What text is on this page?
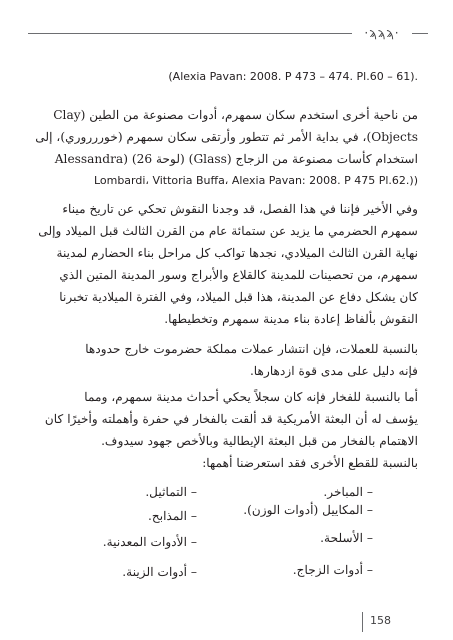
·ϡϡϡ·
(Alexia Pavan: 2008. P 473 – 474. Pl.60 – 61).
من ناحية أخرى استخدم سكان سمهرم، أدوات مصنوعة من الطين (Clay
Objects)، في بداية الأمر ثم تتطور وأرتقى سكان سمهرم (خوررروري)، إلى
استخدام كأسات مصنوعة من الزجاج (Glass) (لوحة 26) (Alessandra
Lombardi، Vittoria Buffa، Alexia Pavan: 2008. P 475 Pl.62.))
وفي الأخير فإننا في هذا الفصل، قد وجدنا النقوش تحكي عن تاريخ ميناء
سمهرم الحضرمي ما يزيد عن ستمائة عام من القرن الثالث قبل الميلاد وإلى
نهاية القرن الثالث الميلادي، نجدها تواكب كل مراحل بناء الحضارم لمدينة
سمهرم، من تحصينات للمدينة كالقلاع والأبراج وسور المدينة المتين الذي
كان يشكل دفاع عن المدينة، هذا قبل الميلاد، وفي الفترة الميلادية تخبرنا
النقوش بألفاظ إعادة بناء مدينة سمهرم وتخطيطها.
بالنسبة للعملات، فإن انتشار عملات مملكة حضرموت خارج حدودها
فإنه دليل على مدى قوة ازدهارها.
أما بالنسبة للفخار فإنه كان سجلاً يحكي أحداث مدينة سمهرم، ومما
يؤسف له أن البعثة الأمريكية قد ألقت بالفخار في حفرة وأهملته وأخيرًا كان
الاهتمام بالفخار من قبل البعثة الإيطالية وبالأخص جهود سيدوف.
بالنسبة للقطع الأخرى فقد استعرضنا أهمها:
– المباخر.
– المكاييل (أدوات الوزن).
– الأسلحة.
– أدوات الزجاج.
– التماثيل.
– المذابح.
– الأدوات المعدنية.
– أدوات الزينة.
158
